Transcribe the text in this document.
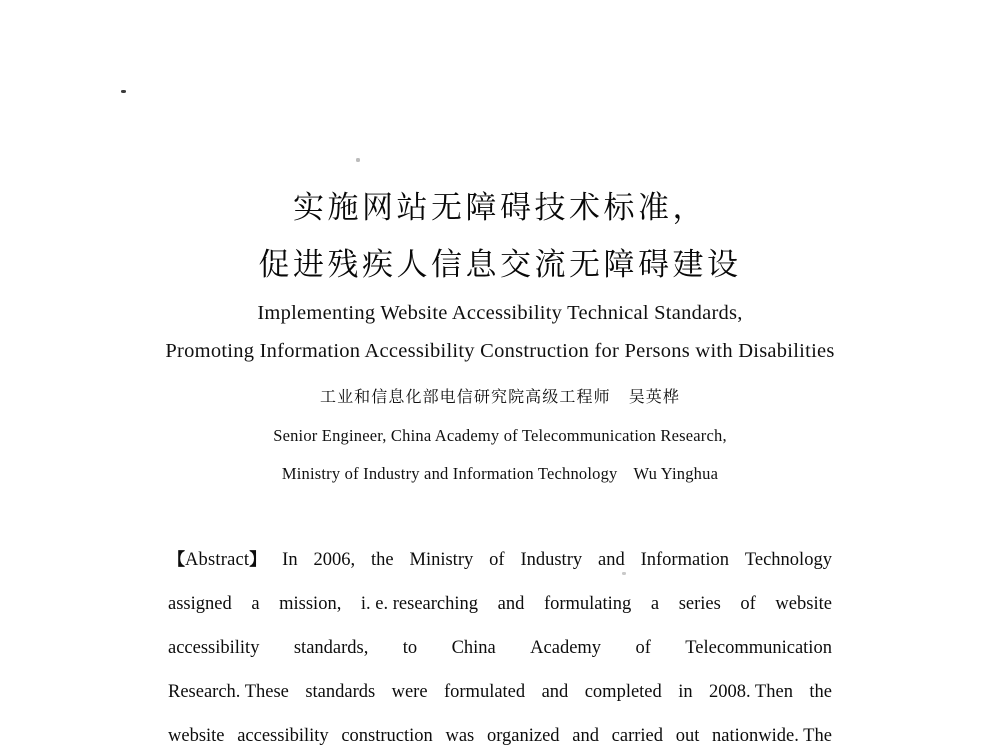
实施网站无障碍技术标准，
促进残疾人信息交流无障碍建设
Implementing Website Accessibility Technical Standards,
Promoting Information Accessibility Construction for Persons with Disabilities
工业和信息化部电信研究院高级工程师 吴英桦
Senior Engineer, China Academy of Telecommunication Research,
Ministry of Industry and Information Technology Wu Yinghua
【Abstract】 In 2006, the Ministry of Industry and Information Technology
assigned a mission, i. e. researching and formulating a series of website
accessibility standards, to China Academy of Telecommunication
Research. These standards were formulated and completed in 2008. Then the
website accessibility construction was organized and carried out nationwide. The
